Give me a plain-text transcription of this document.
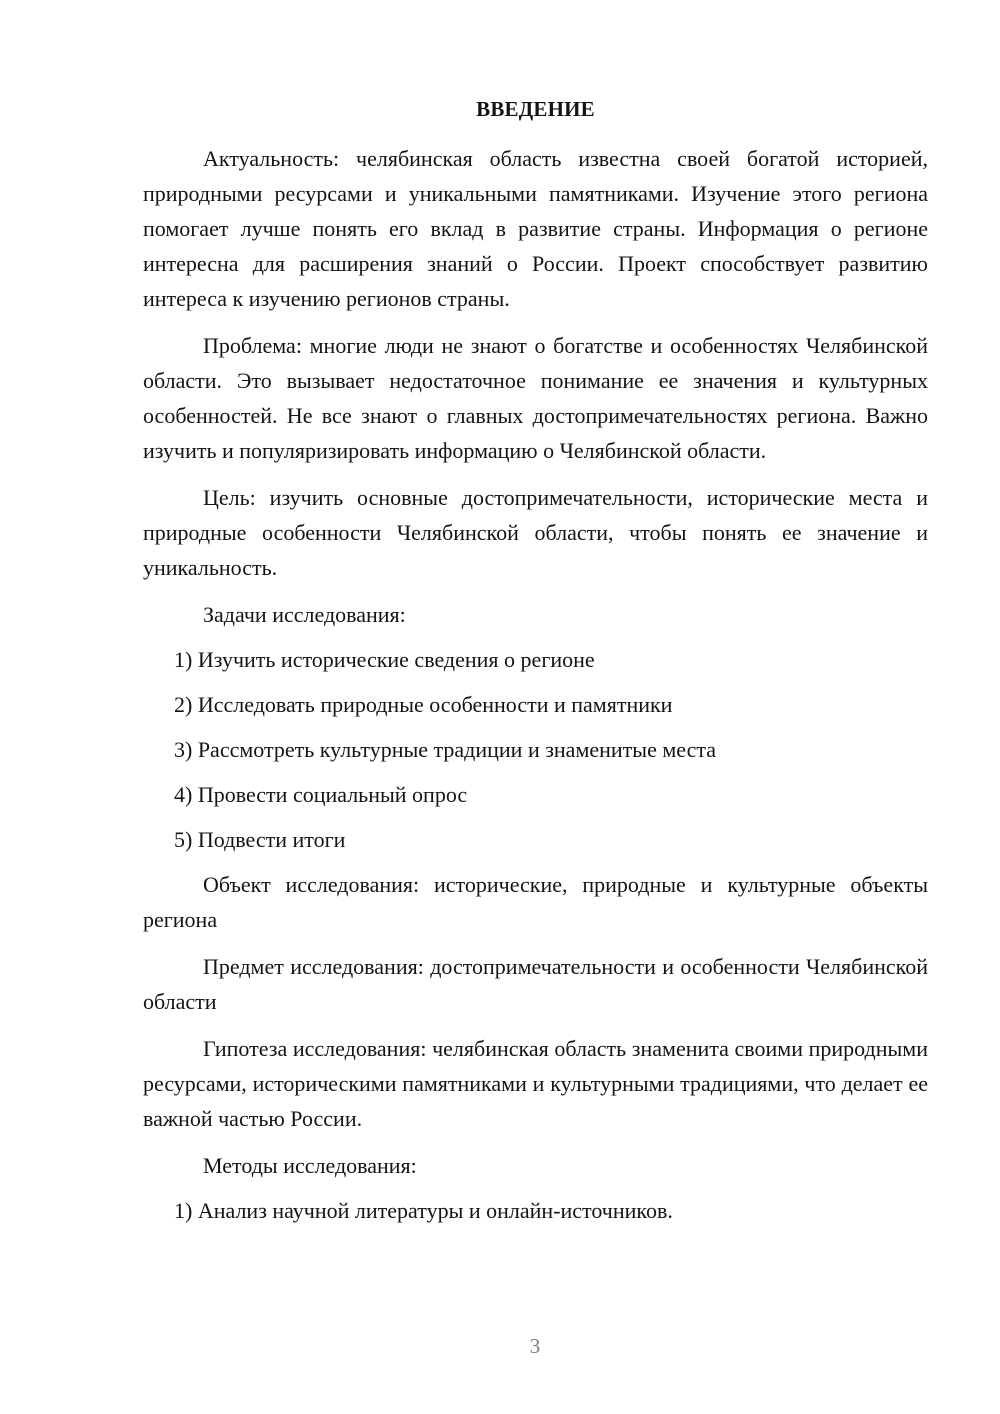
ВВЕДЕНИЕ

Актуальность: челябинская область известна своей богатой историей, природными ресурсами и уникальными памятниками. Изучение этого региона помогает лучше понять его вклад в развитие страны. Информация о регионе интересна для расширения знаний о России. Проект способствует развитию интереса к изучению регионов страны.

Проблема: многие люди не знают о богатстве и особенностях Челябинской области. Это вызывает недостаточное понимание ее значения и культурных особенностей. Не все знают о главных достопримечательностях региона. Важно изучить и популяризировать информацию о Челябинской области.

Цель: изучить основные достопримечательности, исторические места и природные особенности Челябинской области, чтобы понять ее значение и уникальность.

Задачи исследования:
1) Изучить исторические сведения о регионе
2) Исследовать природные особенности и памятники
3) Рассмотреть культурные традиции и знаменитые места
4) Провести социальный опрос
5) Подвести итоги

Объект исследования: исторические, природные и культурные объекты региона

Предмет исследования: достопримечательности и особенности Челябинской области

Гипотеза исследования: челябинская область знаменита своими природными ресурсами, историческими памятниками и культурными традициями, что делает ее важной частью России.

Методы исследования:
1) Анализ научной литературы и онлайн-источников.
3
